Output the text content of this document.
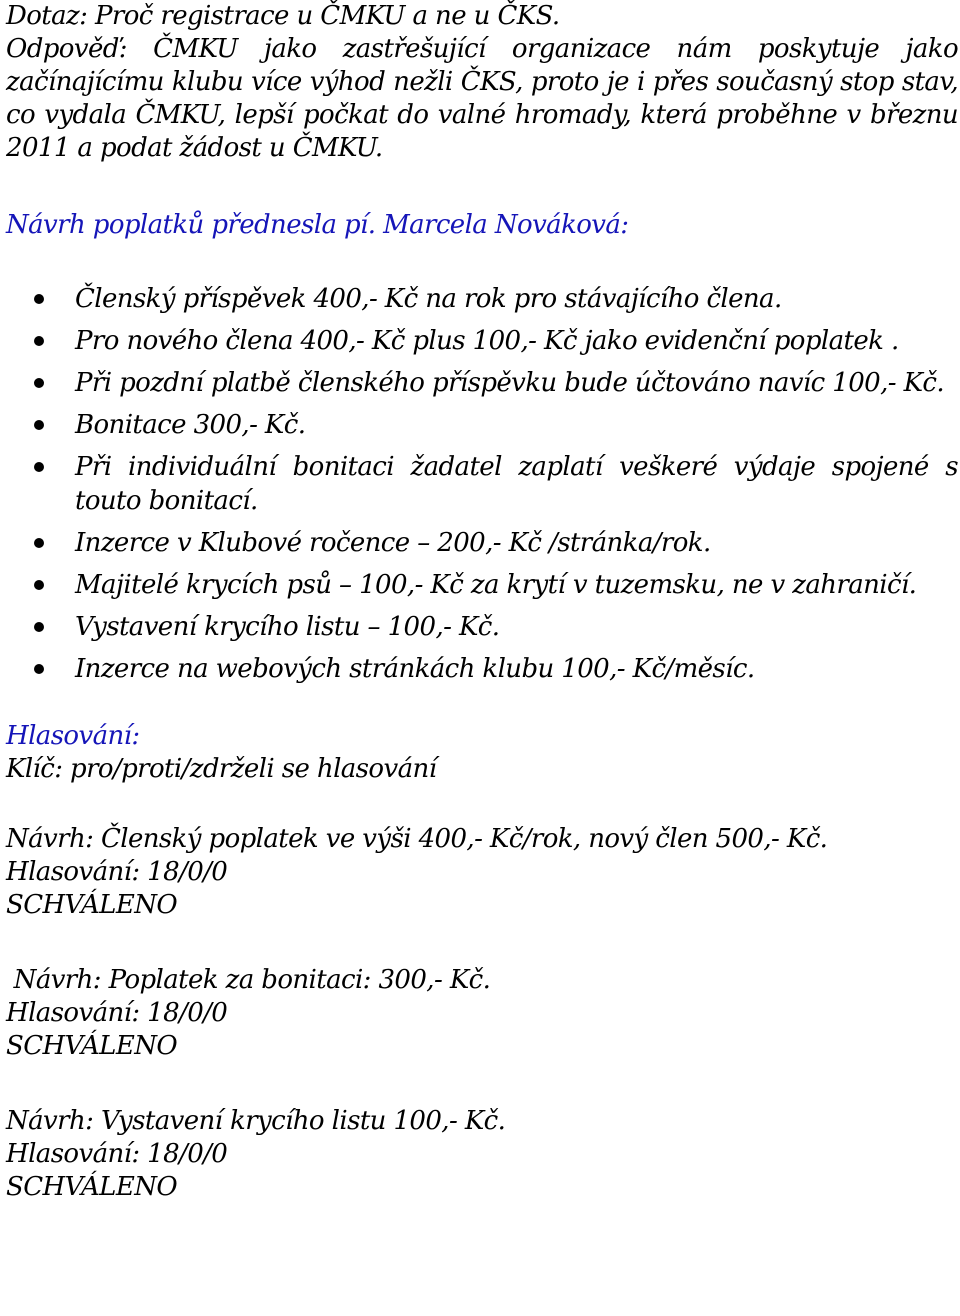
Dotaz: Proč registrace u ČMKU a ne u ČKS.
Odpověď: ČMKU jako zastřešující organizace nám poskytuje jako začínajícímu klubu více výhod nežli ČKS, proto je i přes současný stop stav, co vydala ČMKU, lepší počkat do valné hromady, která proběhne v březnu 2011 a podat žádost u ČMKU.
Návrh poplatků přednesla pí. Marcela Nováková:
Členský příspěvek 400,- Kč na rok pro stávajícího člena.
Pro nového člena 400,- Kč plus 100,- Kč jako evidenční poplatek .
Při pozdní platbě členského příspěvku bude účtováno navíc 100,- Kč.
Bonitace 300,- Kč.
Při individuální bonitaci žadatel zaplatí veškeré výdaje spojené s touto bonitací.
Inzerce v Klubové ročence – 200,- Kč /stránka/rok.
Majitelé krycích psů – 100,- Kč za krytí v tuzemsku, ne v zahraničí.
Vystavení krycího listu – 100,- Kč.
Inzerce na webových stránkách klubu 100,- Kč/měsíc.
Hlasování:
Klíč: pro/proti/zdrželi se hlasování
Návrh: Členský poplatek ve výši 400,- Kč/rok, nový člen 500,- Kč.
Hlasování: 18/0/0
SCHVÁLENO
Návrh: Poplatek za bonitaci: 300,- Kč.
Hlasování: 18/0/0
SCHVÁLENO
Návrh: Vystavení krycího listu 100,- Kč.
Hlasování: 18/0/0
SCHVÁLENO
